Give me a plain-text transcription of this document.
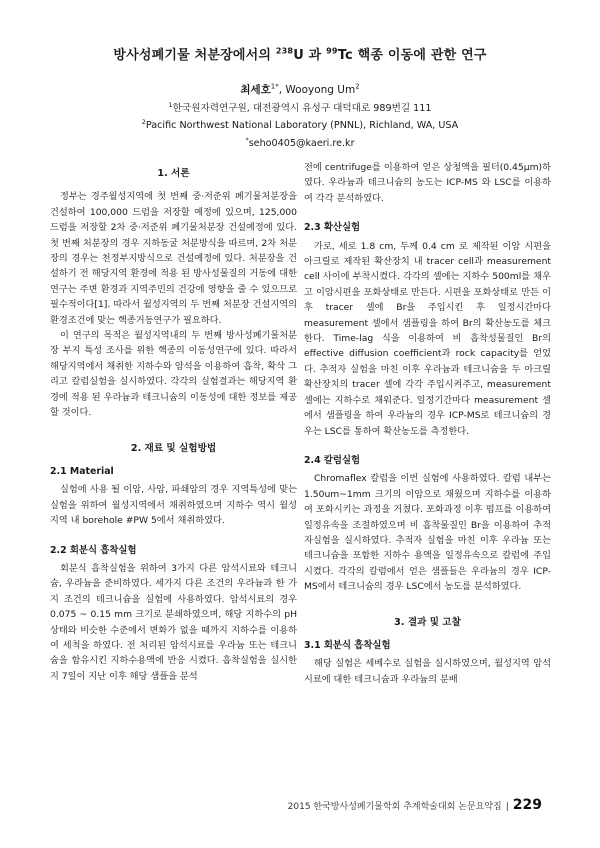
방사성폐기물 처분장에서의 $^{238}$U 과 $^{99}$Tc 핵종 이동에 관한 연구
최세호$^{1*}$, Wooyong Um$^2$
$^1$한국원자력연구원, 대전광역시 유성구 대덕대로 989번길 111
$^2$Pacific Northwest National Laboratory (PNNL), Richland, WA, USA
*seho0405@kaeri.re.kr
1. 서론

정부는 경주월성지역에 첫 번째 중·저준위 폐기물처분장을 건설하여 100,000 드럼을 저장할 예정에 있으며, 125,000 드럼을 저장할 2차 중·저준위 폐기물처분장 건설예정에 있다. 첫 번째 처분장의 경우 지하동굴 처분방식을 따르며, 2차 처분장의 경우는 천정부지방식으로 건설예정에 있다. 처분장을 건설하기 전 해당지역 환경에 적용 된 방사성물질의 거동에 대한 연구는 주변 환경과 지역주민의 건강에 영향을 줄 수 있으므로 필수적이다[1]. 따라서 월성지역의 두 번째 처분장 건설지역의 환경조건에 맞는 핵종거동연구가 필요하다.

이 연구의 목적은 월성지역내의 두 번째 방사성폐기물처분장 부지 특성 조사를 위한 핵종의 이동성연구에 있다. 따라서 해당지역에서 채취한 지하수와 암석을 이용하여 흡착, 확삭 그리고 칼럼실험을 실시하였다. 각각의 실험결과는 해당지역 환경에 적용 된 우라늄과 테크니슘의 이동성에 대한 정보를 제공할 것이다.

2. 재료 및 실험방법
2.1 Material

실험에 사용 될 이암, 사암, 파쇄암의 경우 지역특성에 맞는 실험을 위하여 월성지역에서 채취하였으며 지하수 역시 월성지역 내 borehole #PW 5에서 채취하였다.

2.2 회분식 흡착실험

회분식 흡착실험을 위하여 3가지 다른 암석시료와 테크니슘, 우라늄을 준비하였다. 세가지 다른 조건의 우라늄과 한 가지 조건의 테크니슘을 실험에 사용하였다. 암석시료의 경우 0.075 ~ 0.15 mm 크기로 분쇄하였으며, 해당 지하수의 pH 상태와 비슷한 수준에서 변화가 없을 때까지 지하수를 이용하여 세척을 하였다. 전 처리된 암석시료를 우라늄 또는 테크니슘을 함유시킨 지하수용액에 반응 시켰다. 흡착실험을 실시한 지 7일이 지난 이후 해당 샘플을 분석

전에 centrifuge를 이용하여 얻은 상청액을 필터(0.45µm)하였다. 우라늄과 테크니슘의 농도는 ICP-MS 와 LSC를 이용하여 각각 분석하였다.

2.3 확산실험

가로, 세로 1.8 cm, 두께 0.4 cm 로 제작된 이암 시편을 아크릴로 제작된 확산장치 내 tracer cell과 measurement cell 사이에 부착시켰다. 각각의 셀에는 지하수 500ml를 채우고 이암시편을 포화상태로 만든다. 시편을 포화상태로 만든 이후 tracer 셀에 Br을 주입시킨 후 일정시간마다 measurement 셀에서 샘플링을 하여 Br의 확산농도를 체크한다. Time-lag 식을 이용하여 비 흡착성물질인 Br의 effective diffusion coefficient과 rock capacity를 얻었다. 추적자 실험을 마친 이후 우라늄과 테크니슘을 두 아크릴 확산장치의 tracer 셀에 각각 주입시켜주고, measurement 셀에는 지하수로 채워준다. 일정기간마다 measurement 셀에서 샘플링을 하여 우라늄의 경우 ICP-MS로 테크니슘의 경우는 LSC를 통하여 확산농도를 측정한다.

2.4 칼럼실험

Chromaflex 칼럼을 이번 실험에 사용하였다. 칼럼 내부는 1.50um~1mm 크기의 이암으로 채웠으며 지하수를 이용하여 포화시키는 과정을 거쳤다. 포화과정 이후 펌프를 이용하여 일정유속을 조절하였으며 비 흡착물질인 Br을 이용하여 추적자실험을 실시하였다. 추적자 실험을 마친 이후 우라늄 또는 테크니슘을 포함한 지하수 용액을 일정유속으로 칼럼에 주입시켰다. 각각의 칼럼에서 얻은 샘플들은 우라늄의 경우 ICP-MS에서 테크니슘의 경우 LSC에서 농도를 분석하였다.

3. 결과 및 고찰
3.1 회분식 흡착실험

해당 실험은 세베수로 실험을 실시하였으며, 월성지역 암석시료에 대한 테크니슘과 우라늄의 분배

2015 한국방사성폐기물학회 추계학술대회 논문요약집 | 229
